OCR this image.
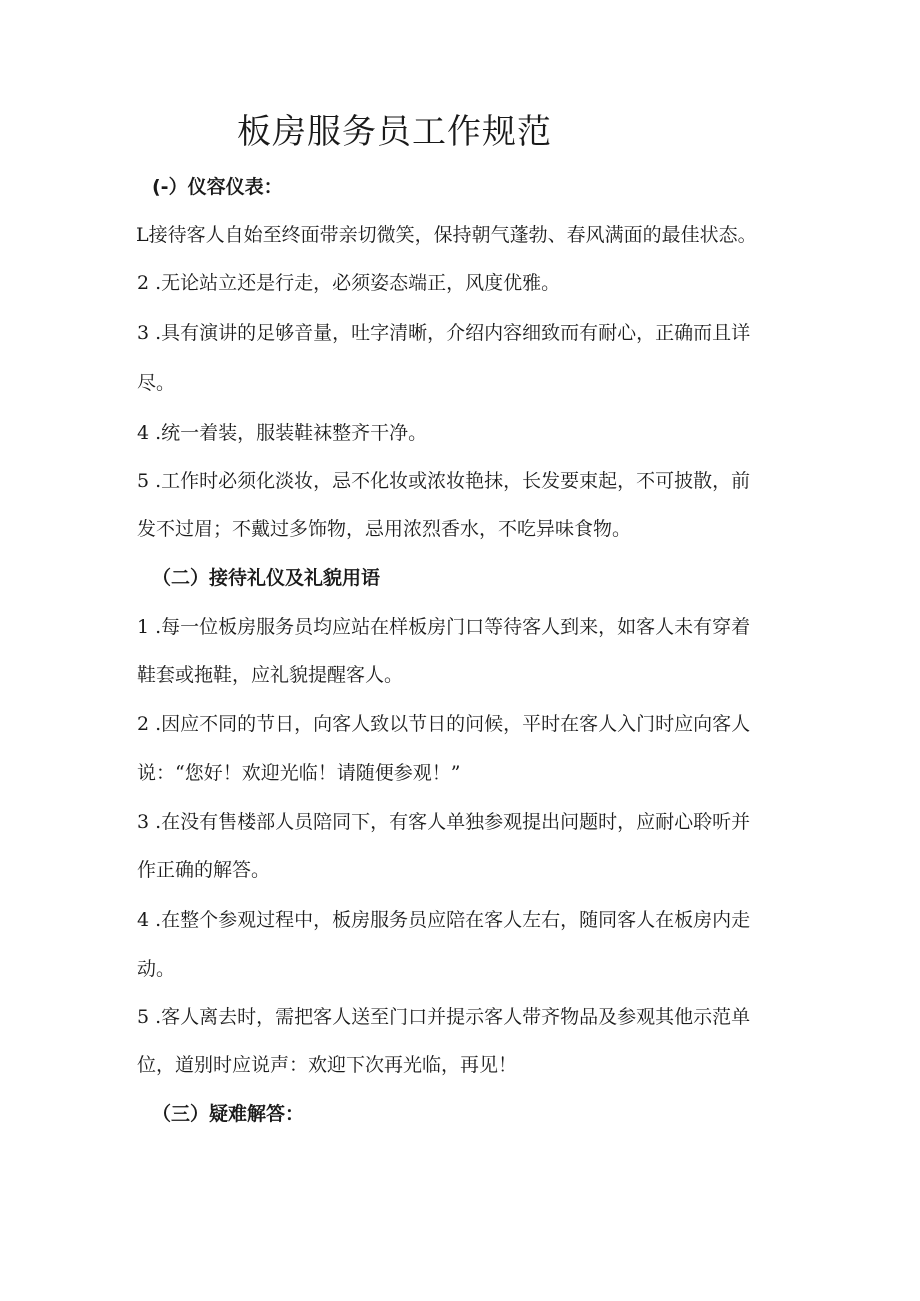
板房服务员工作规范
(-）仪容仪表：

L接待客人自始至终面带亲切微笑，保持朝气蓬勃、春风满面的最佳状态。

2 .无论站立还是行走，必须姿态端正，风度优雅。

3 .具有演讲的足够音量，吐字清晰，介绍内容细致而有耐心，正确而且详

尽。

4 .统一着装，服装鞋袜整齐干净。

5 .工作时必须化淡妆，忌不化妆或浓妆艳抹，长发要束起，不可披散，前

发不过眉；不戴过多饰物，忌用浓烈香水，不吃异味食物。

（二）接待礼仪及礼貌用语

1 .每一位板房服务员均应站在样板房门口等待客人到来，如客人未有穿着

鞋套或拖鞋，应礼貌提醒客人。

2 .因应不同的节日，向客人致以节日的问候，平时在客人入门时应向客人

说：“您好！欢迎光临！请随便参观！”

3 .在没有售楼部人员陪同下，有客人单独参观提出问题时，应耐心聆听并

作正确的解答。

4 .在整个参观过程中，板房服务员应陪在客人左右，随同客人在板房内走

动。

5 .客人离去时，需把客人送至门口并提示客人带齐物品及参观其他示范单

位，道别时应说声：欢迎下次再光临，再见！

（三）疑难解答：
